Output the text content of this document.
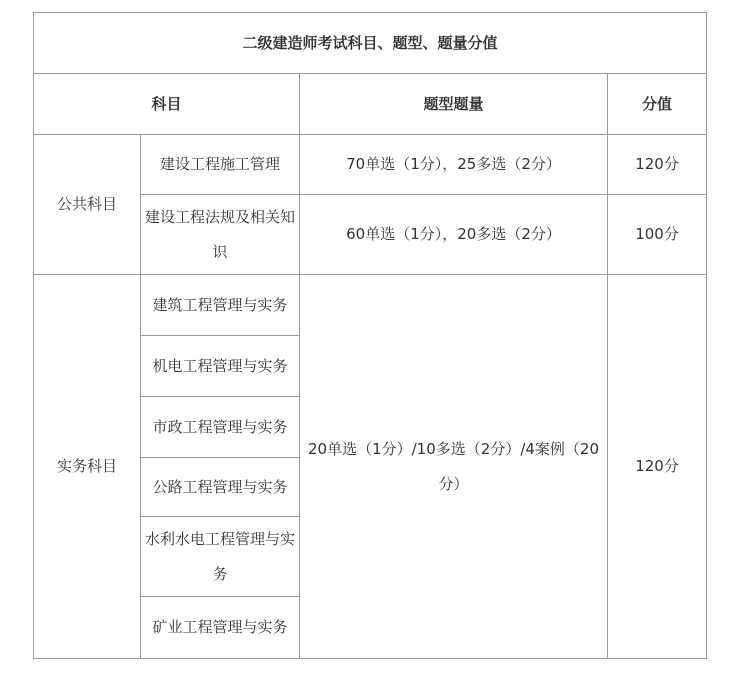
二级建造师考试科目、题型、题量分值			
科目		题型题量	分值
公共科目	建设工程施工管理	70单选（1分），25多选（2分）	120分
	建设工程法规及相关知识	60单选（1分），20多选（2分）	100分
实务科目	建筑工程管理与实务	20单选（1分）/10多选（2分）/4案例（20分）	120分
	机电工程管理与实务		
	市政工程管理与实务		
	公路工程管理与实务		
	水利水电工程管理与实务		
	矿业工程管理与实务		
